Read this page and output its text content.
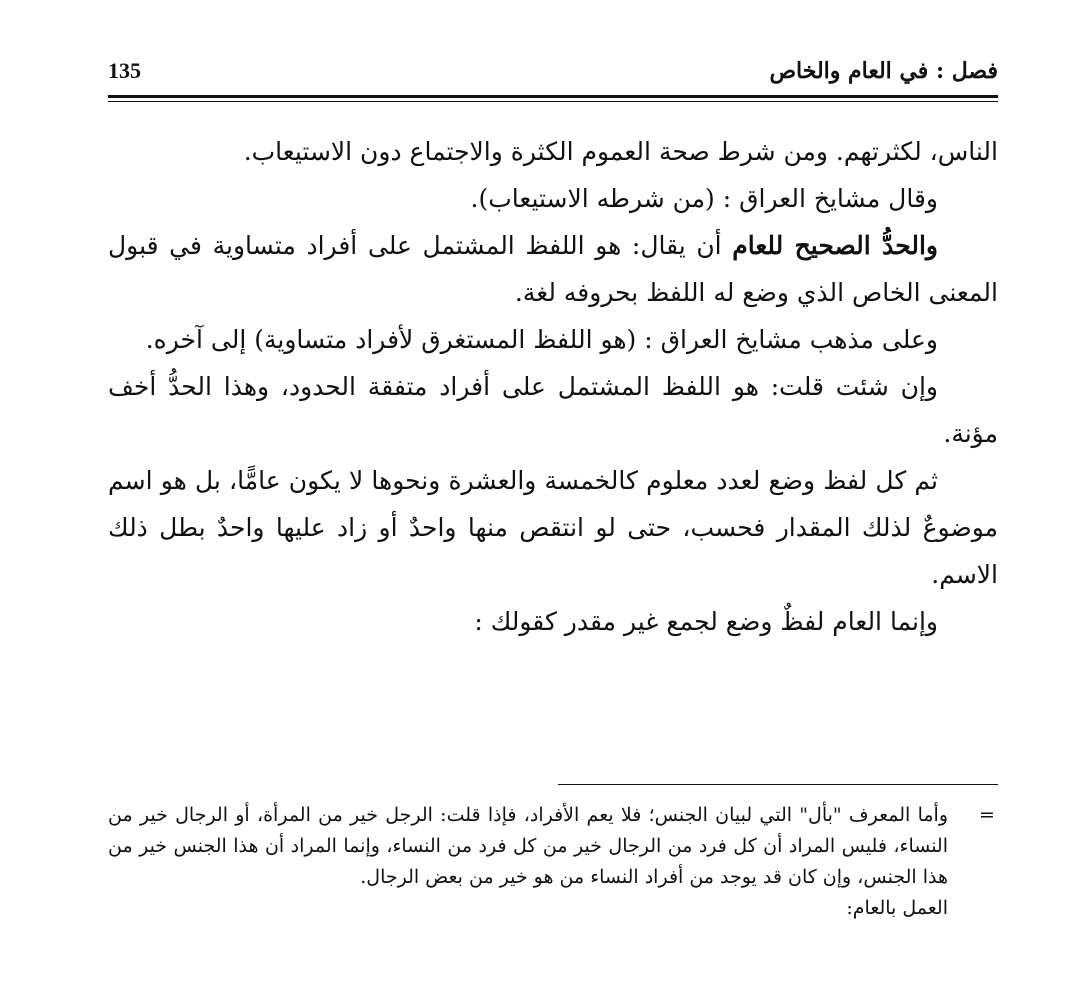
فصل : في العام والخاص
135

الناس، لكثرتهم. ومن شرط صحة العموم الكثرة والاجتماع دون الاستيعاب.

وقال مشايخ العراق : (من شرطه الاستيعاب).

والحدُّ الصحيح للعام أن يقال: هو اللفظ المشتمل على أفراد متساوية في قبول المعنى الخاص الذي وضع له اللفظ بحروفه لغة.

وعلى مذهب مشايخ العراق : (هو اللفظ المستغرق لأفراد متساوية) إلى آخره.

وإن شئت قلت: هو اللفظ المشتمل على أفراد متفقة الحدود، وهذا الحدُّ أخف مؤنة.

ثم كل لفظ وضع لعدد معلوم كالخمسة والعشرة ونحوها لا يكون عامًّا، بل هو اسم موضوعٌ لذلك المقدار فحسب، حتى لو انتقص منها واحدٌ أو زاد عليها واحدٌ بطل ذلك الاسم.

وإنما العام لفظٌ وضع لجمع غير مقدر كقولك :

=
وأما المعرف "بأل" التي لبيان الجنس؛ فلا يعم الأفراد، فإذا قلت: الرجل خير من المرأة، أو الرجال خير من النساء، فليس المراد أن كل فرد من الرجال خير من كل فرد من النساء، وإنما المراد أن هذا الجنس خير من هذا الجنس، وإن كان قد يوجد من أفراد النساء من هو خير من بعض الرجال.
العمل بالعام:
